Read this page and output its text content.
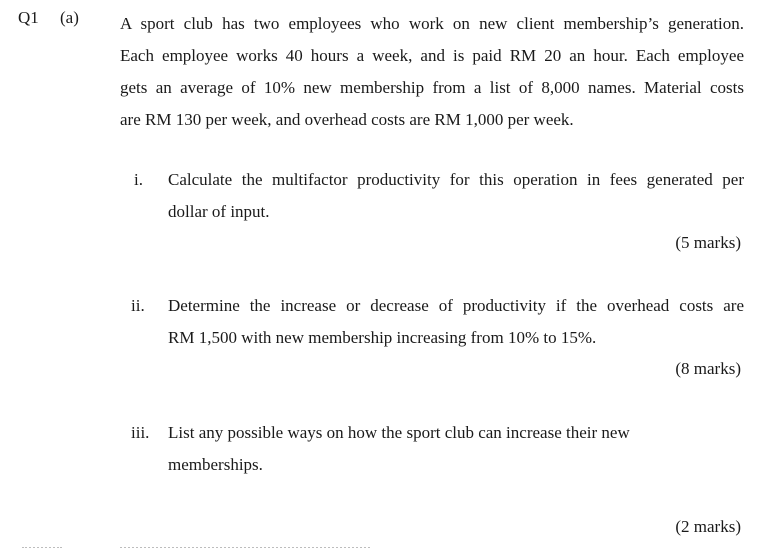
Q1 (a) A sport club has two employees who work on new client membership’s generation.
Each employee works 40 hours a week, and is paid RM 20 an hour. Each employee
gets an average of 10% new membership from a list of 8,000 names. Material costs
are RM 130 per week, and overhead costs are RM 1,000 per week.

i. Calculate the multifactor productivity for this operation in fees generated per
dollar of input.

(5 marks)
ii. Determine the increase or decrease of productivity if the overhead costs are
RM 1,500 with new membership increasing from 10% to 15%.

(8 marks)
iii. List any possible ways on how the sport club can increase their new
memberships.

(2 marks)
